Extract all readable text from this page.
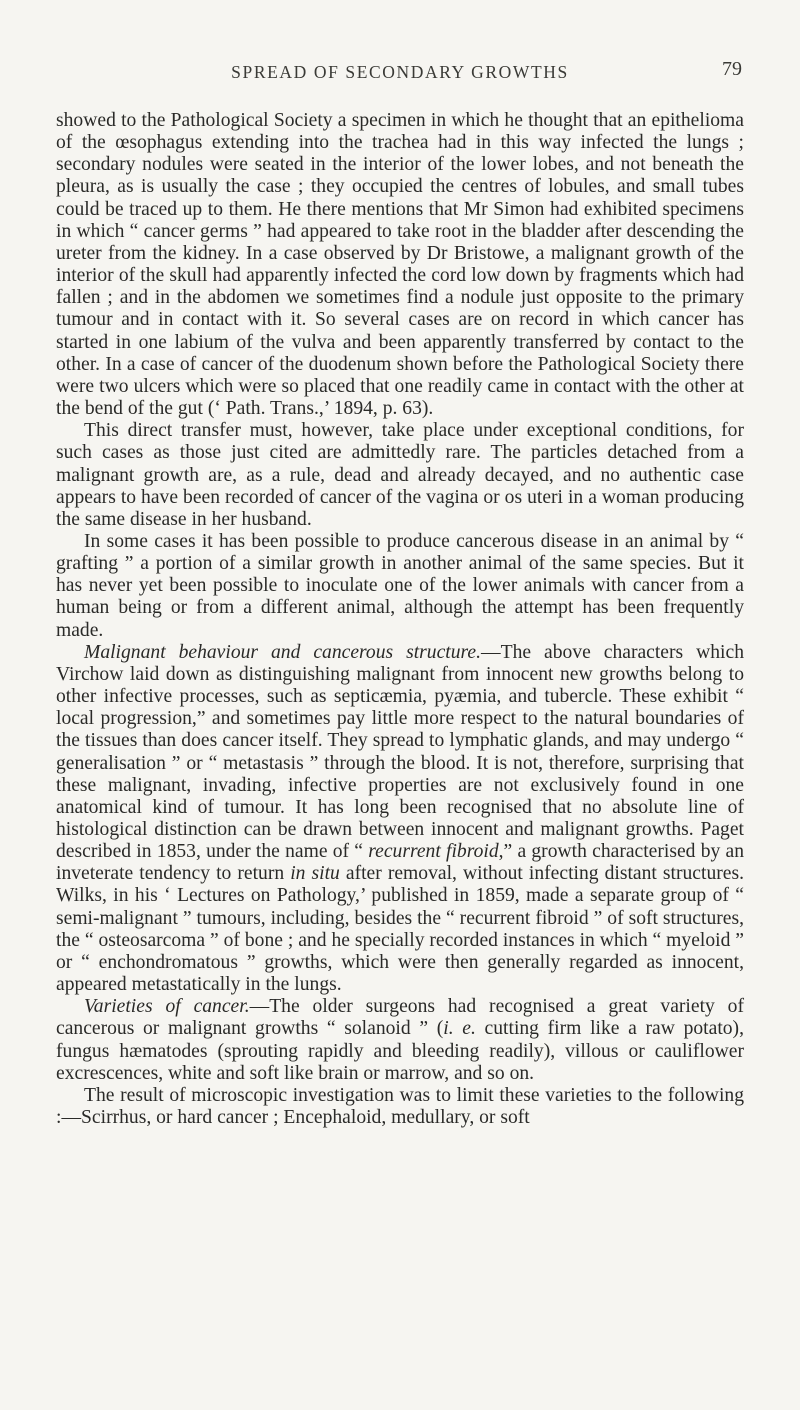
SPREAD OF SECONDARY GROWTHS	79

showed to the Pathological Society a specimen in which he thought that an epithelioma of the œsophagus extending into the trachea had in this way infected the lungs ; secondary nodules were seated in the interior of the lower lobes, and not beneath the pleura, as is usually the case ; they occupied the centres of lobules, and small tubes could be traced up to them. He there mentions that Mr Simon had exhibited specimens in which “ cancer germs ” had appeared to take root in the bladder after descending the ureter from the kidney. In a case observed by Dr Bristowe, a malignant growth of the interior of the skull had apparently infected the cord low down by fragments which had fallen ; and in the abdomen we sometimes find a nodule just opposite to the primary tumour and in contact with it. So several cases are on record in which cancer has started in one labium of the vulva and been apparently transferred by contact to the other. In a case of cancer of the duodenum shown before the Pathological Society there were two ulcers which were so placed that one readily came in contact with the other at the bend of the gut (‘ Path. Trans.,’ 1894, p. 63).

This direct transfer must, however, take place under exceptional conditions, for such cases as those just cited are admittedly rare. The particles detached from a malignant growth are, as a rule, dead and already decayed, and no authentic case appears to have been recorded of cancer of the vagina or os uteri in a woman producing the same disease in her husband.

In some cases it has been possible to produce cancerous disease in an animal by “ grafting ” a portion of a similar growth in another animal of the same species. But it has never yet been possible to inoculate one of the lower animals with cancer from a human being or from a different animal, although the attempt has been frequently made.

Malignant behaviour and cancerous structure.—The above characters which Virchow laid down as distinguishing malignant from innocent new growths belong to other infective processes, such as septicæmia, pyæmia, and tubercle. These exhibit “ local progression,” and sometimes pay little more respect to the natural boundaries of the tissues than does cancer itself. They spread to lymphatic glands, and may undergo “ generalisation ” or “ metastasis ” through the blood. It is not, therefore, surprising that these malignant, invading, infective properties are not exclusively found in one anatomical kind of tumour. It has long been recognised that no absolute line of histological distinction can be drawn between innocent and malignant growths. Paget described in 1853, under the name of “ recurrent fibroid,” a growth characterised by an inveterate tendency to return in situ after removal, without infecting distant structures. Wilks, in his ‘ Lectures on Pathology,’ published in 1859, made a separate group of “ semi-malignant ” tumours, including, besides the “ recurrent fibroid ” of soft structures, the “ osteosarcoma ” of bone ; and he specially recorded instances in which “ myeloid ” or “ enchondromatous ” growths, which were then generally regarded as innocent, appeared metastatically in the lungs.

Varieties of cancer.—The older surgeons had recognised a great variety of cancerous or malignant growths “ solanoid ” (i. e. cutting firm like a raw potato), fungus hæmatodes (sprouting rapidly and bleeding readily), villous or cauliflower excrescences, white and soft like brain or marrow, and so on.

The result of microscopic investigation was to limit these varieties to the following :—Scirrhus, or hard cancer ; Encephaloid, medullary, or soft
